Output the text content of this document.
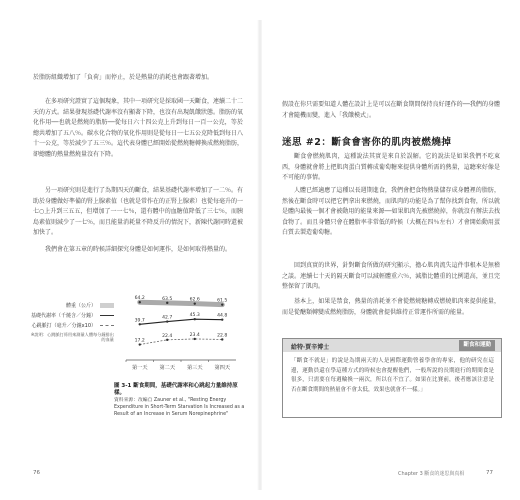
於脂肪組織增加了「負荷」而停止，於是熱量的消耗也會跟著增加。

在多項研究證實了這個現象，其中一項研究是採取國一天斷食，連續二十二天的方式。結果發現基礎代謝率沒有顯著下降，也沒有出現飢餓狀態。脂肪的氧化作用──也就是燃燒的脂肪──從每日六十四公克上升到每日一百一公克，等於總共增加了五八％。碳水化合物的氧化作用則是從每日一七五公克降低到每日八十一公克，等於減少了五三％。這代表身體已經開始從燃燒糖轉換成燃燒脂肪，卻總體的熱量燃燒量沒有下降。

另一項研究則是進行了為期四天的斷食，結果基礎代謝率增加了一二％。有助於身體做好準備的腎上腺素值（也就是常作在的正腎上腺素）也從每毫升的一七○上升到三五五，但增加了一一七％，還有體中的血糖值降低了三七％，而胰島素值則減少了一七％，而且能量消耗量不降反升的情況下，新陳代謝同時還被加快了。

我們會在第五章的時候詳細探究身體是如何運作，是如何取得熱量的。

64.2	63.5	62.6	61.5
39.7
42.7	45.3	44.8
17.2
22.4	23.4	22.8
第一天 第二天 第三天 第四天
體重（公斤）
基礎代謝率（千燒含／分鐘）
心跳脈打（毫升／分鐘x10）
※說明：心跳脈打係用來測量人體每分鐘排出的血量
圖 3-1 斷食期間，基礎代謝率和心跳起力量維持原樣。
資料來源：改編自 Zauner et al., "Resting Energy Expenditure in Short-Term Starvation Is Increased as a Result of an Increase in Serum Norepinephrine"
76

假設在你只需要知道人體在設計上是可以在斷食期間保持良好運作的──我們的身體才會隨機而變，進入「我餓模式」。

迷思 #2：斷食會害你的肌肉被燃燒掉

斷食會燃燒肌肉，這種說法其實是來自於誤解。它的說法是如果我們不吃東西，身體就會將上把肌肉蛋白質轉成葡萄糖來提供身體所需的熱量，這聽來好像是不可能的事情。

人體已經適應了這種以長週期進食，我們會把食物熱量儲存成身體裡的脂肪，然後在斷食時可以把它們拿出來燃燒，而肌肉的功能是為了幫你找到食物，所以就是體內最後一個才會被動用的能量來源──如果肌肉先被燃燒掉，你就沒有辦法去找食物了。而且身體只會在體脂率非常低的時候（大概在四％左右）才會開始動用蛋白質去製造葡萄糖。

回到真實的世界，針對斷食所做的研究顯示，擔心肌肉流失這件事根本是無稽之談。連續七十天的隔天斷食可以減輕體重六％，減脂比體重的比例還高，並且完整保留了肌肉。

基本上，如果是禁食，熱量的消耗並不會從燃燒糖轉成燃燒肌肉來提供能量，而是從醣類轉變成燃燒脂肪，身體就會提供維持正常運作所需的能量。

給特‧賈辛博士	斷食和運動

「斷食不就是」的說是為期兩天的人是國際運動營養學會的專家，他的研究在這邊，運動員還在學這種方式的時候也會提醒他們，一般所說的長期進行的期間食是很多，只需要在每週輪換一兩次，所以在不宜了。如果在比賽前，後者應該注意是否在斷食期間的熱量會不會太低，效果也就會不一樣。」

Chapter 3 斷食的迷思與真相	77
